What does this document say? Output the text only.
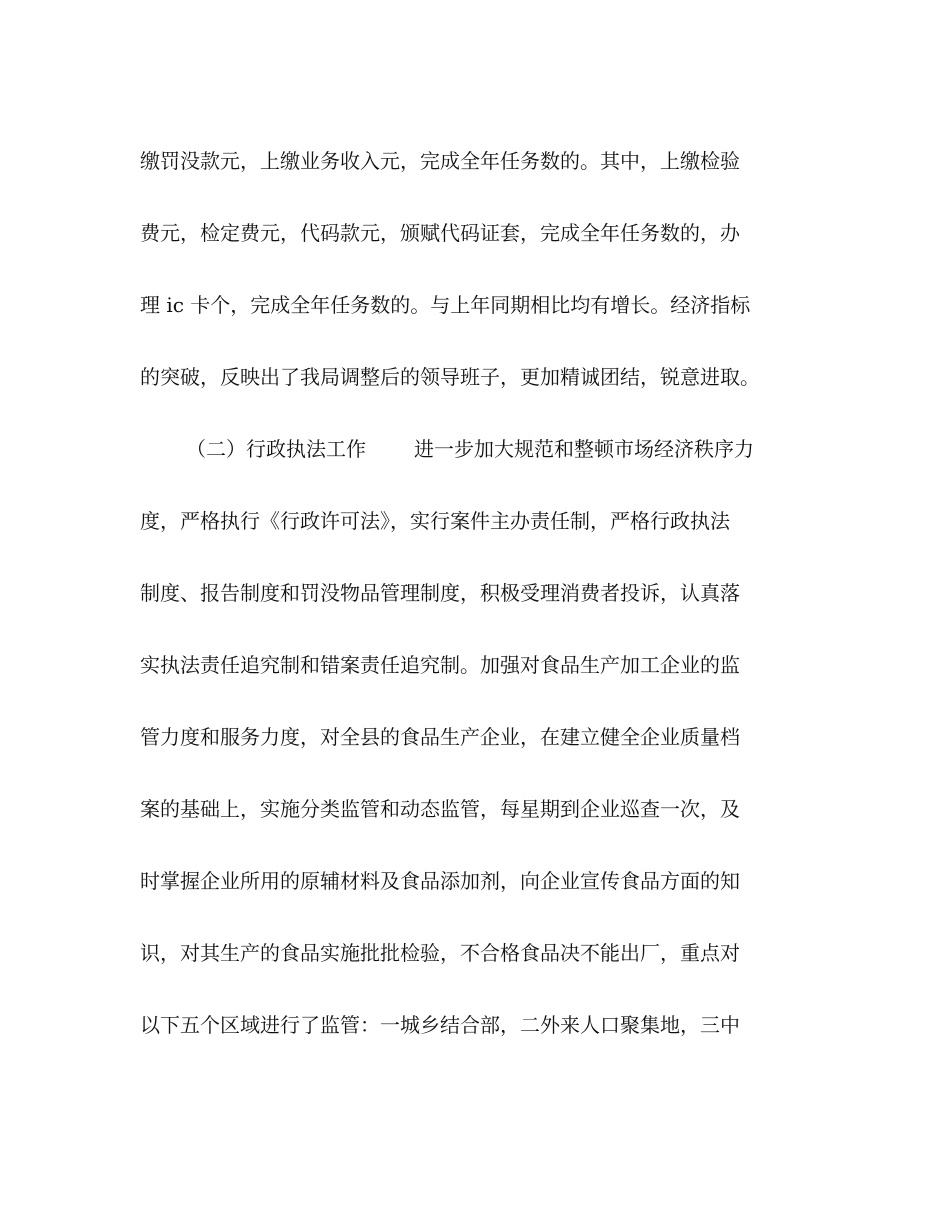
缴罚没款元，上缴业务收入元，完成全年任务数的。其中，上缴检验
费元，检定费元，代码款元，颁赋代码证套，完成全年任务数的，办
理 ic 卡个，完成全年任务数的。与上年同期相比均有增长。经济指标
的突破，反映出了我局调整后的领导班子，更加精诚团结，锐意进取。
（二）行政执法工作 进一步加大规范和整顿市场经济秩序力
度，严格执行《行政许可法》，实行案件主办责任制，严格行政执法
制度、报告制度和罚没物品管理制度，积极受理消费者投诉，认真落
实执法责任追究制和错案责任追究制。加强对食品生产加工企业的监
管力度和服务力度，对全县的食品生产企业，在建立健全企业质量档
案的基础上，实施分类监管和动态监管，每星期到企业巡查一次，及
时掌握企业所用的原辅材料及食品添加剂，向企业宣传食品方面的知
识，对其生产的食品实施批批检验，不合格食品决不能出厂，重点对
以下五个区域进行了监管：一城乡结合部，二外来人口聚集地，三中
